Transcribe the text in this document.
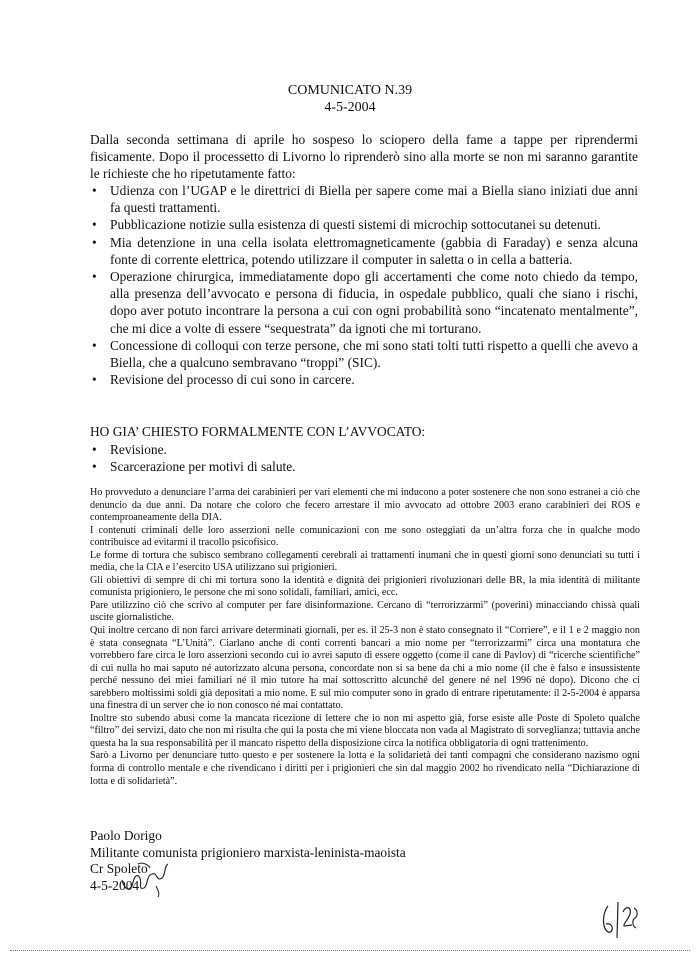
COMUNICATO N.39
4-5-2004

Dalla seconda settimana di aprile ho sospeso lo sciopero della fame a tappe per riprendermi fisicamente. Dopo il processetto di Livorno lo riprenderò sino alla morte se non mi saranno garantite le richieste che ho ripetutamente fatto:

• Udienza con l’UGAP e le direttrici di Biella per sapere come mai a Biella siano iniziati due anni fa questi trattamenti.
• Pubblicazione notizie sulla esistenza di questi sistemi di microchip sottocutanei su detenuti.
• Mia detenzione in una cella isolata elettromagneticamente (gabbia di Faraday) e senza alcuna fonte di corrente elettrica, potendo utilizzare il computer in saletta o in cella a batteria.
• Operazione chirurgica, immediatamente dopo gli accertamenti che come noto chiedo da tempo, alla presenza dell’avvocato e persona di fiducia, in ospedale pubblico, quali che siano i rischi, dopo aver potuto incontrare la persona a cui con ogni probabilità sono “incatenato mentalmente”, che mi dice a volte di essere “sequestrata” da ignoti che mi torturano.
• Concessione di colloqui con terze persone, che mi sono stati tolti tutti rispetto a quelli che avevo a Biella, che a qualcuno sembravano “troppi” (SIC).
• Revisione del processo di cui sono in carcere.

HO GIA’ CHIESTO FORMALMENTE CON L’AVVOCATO:

• Revisione.
• Scarcerazione per motivi di salute.

Ho provveduto a denunciare l’arma dei carabinieri per vari elementi che mi inducono a poter sostenere che non sono estranei a ciò che denuncio da due anni. Da notare che coloro che fecero arrestare il mio avvocato ad ottobre 2003 erano carabinieri dei ROS e contemproaneamente della DIA.

I contenuti criminali delle loro asserzioni nelle comunicazioni con me sono osteggiati da un’altra forza che in qualche modo contribuisce ad evitarmi il tracollo psicofisico.

Le forme di tortura che subisco sembrano collegamenti cerebrali ai trattamenti inumani che in questi giorni sono denunciati su tutti i media, che la CIA e l’esercito USA utilizzano sui prigionieri.

Gli obiettivi di sempre di chi mi tortura sono la identità e dignità dei prigionieri rivoluzionari delle BR, la mia identità di militante comunista prigioniero, le persone che mi sono solidali, familiari, amici, ecc.

Pare utilizzino ciò che scrivo al computer per fare disinformazione. Cercano di “terrorizzarmi” (poverini) minacciando chissà quali uscite giornalistiche.

Qui inoltre cercano di non farci arrivare determinati giornali, per es. il 25-3 non è stato consegnato il “Corriere”, e il 1 e 2 maggio non è stata consegnata “L’Unità”. Ciarlano anche di conti correnti bancari a mio nome per “terrorizzarmi” circa una montatura che vorrebbero fare circa le loro asserzioni secondo cui io avrei saputo di essere oggetto (come il cane di Pavlov) di “ricerche scientifiche” di cui nulla ho mai saputo né autorizzato alcuna persona, concordate non si sa bene da chi a mio nome (il che è falso e insussistente perché nessuno dei miei familiari né il mio tutore ha mai sottoscritto alcunché del genere né nel 1996 né dopo). Dicono che ci sarebbero moltissimi soldi già depositati a mio nome. E sul mio computer sono in grado di entrare ripetutamente: il 2-5-2004 è apparsa una finestra di un server che io non conosco né mai contattato.

Inoltre sto subendo abusi come la mancata ricezione di lettere che io non mi aspetto già, forse esiste alle Poste di Spoleto qualche “filtro” dei servizi, dato che non mi risulta che qui la posta che mi viene bloccata non vada al Magistrato di sorveglianza; tuttavia anche questa ha la sua responsabilità per il mancato rispetto della disposizione circa la notifica obbligatoria di ogni trattenimento.

Sarò a Livorno per denunciare tutto questo e per sostenere la lotta e la solidarietà dei tanti compagni che considerano nazismo ogni forma di controllo mentale e che rivendicano i diritti per i prigionieri che sin dal maggio 2002 ho rivendicato nella “Dichiarazione di lotta e di solidarietà”.

Paolo Dorigo
Militante comunista prigioniero marxista-leninista-maoista
Cr Spoleto
4-5-2004
